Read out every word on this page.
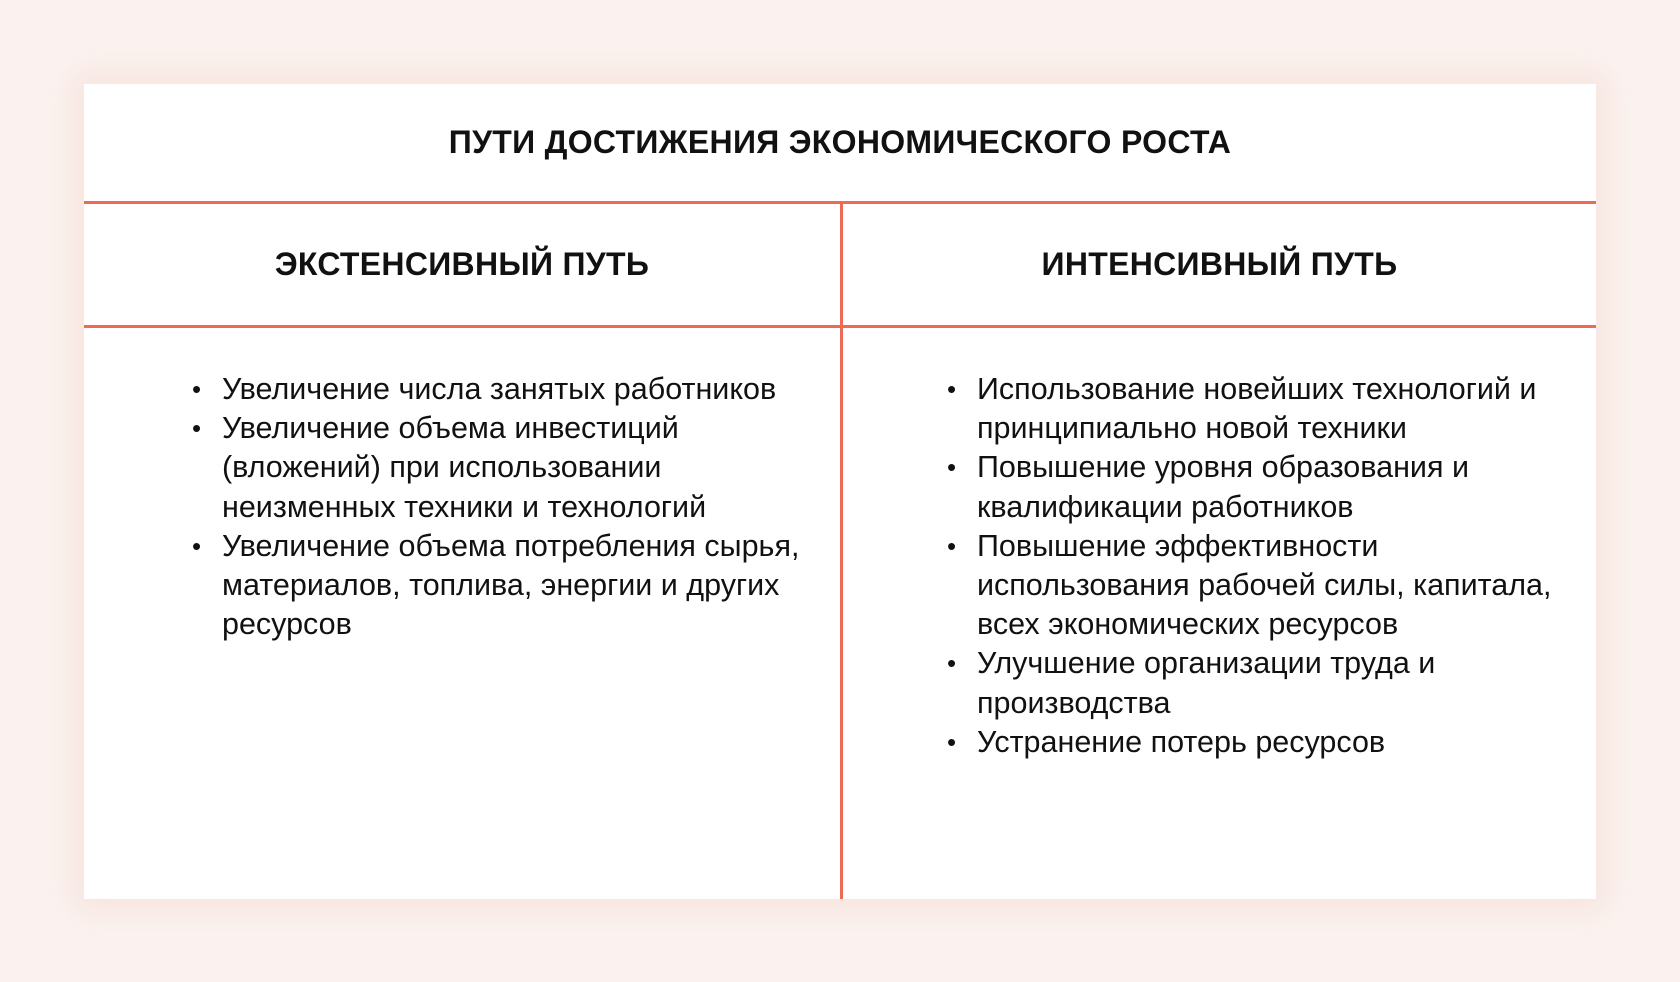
ПУТИ ДОСТИЖЕНИЯ ЭКОНОМИЧЕСКОГО РОСТА
ЭКСТЕНСИВНЫЙ ПУТЬ	ИНТЕНСИВНЫЙ ПУТЬ
• Увеличение числа занятых работников
• Увеличение объема инвестиций (вложений) при использовании неизменных техники и технологий
• Увеличение объема потребления сырья, материалов, топлива, энергии и других ресурсов
• Использование новейших технологий и принципиально новой техники
• Повышение уровня образования и квалификации работников
• Повышение эффективности использования рабочей силы, капитала, всех экономических ресурсов
• Улучшение организации труда и производства
• Устранение потерь ресурсов
